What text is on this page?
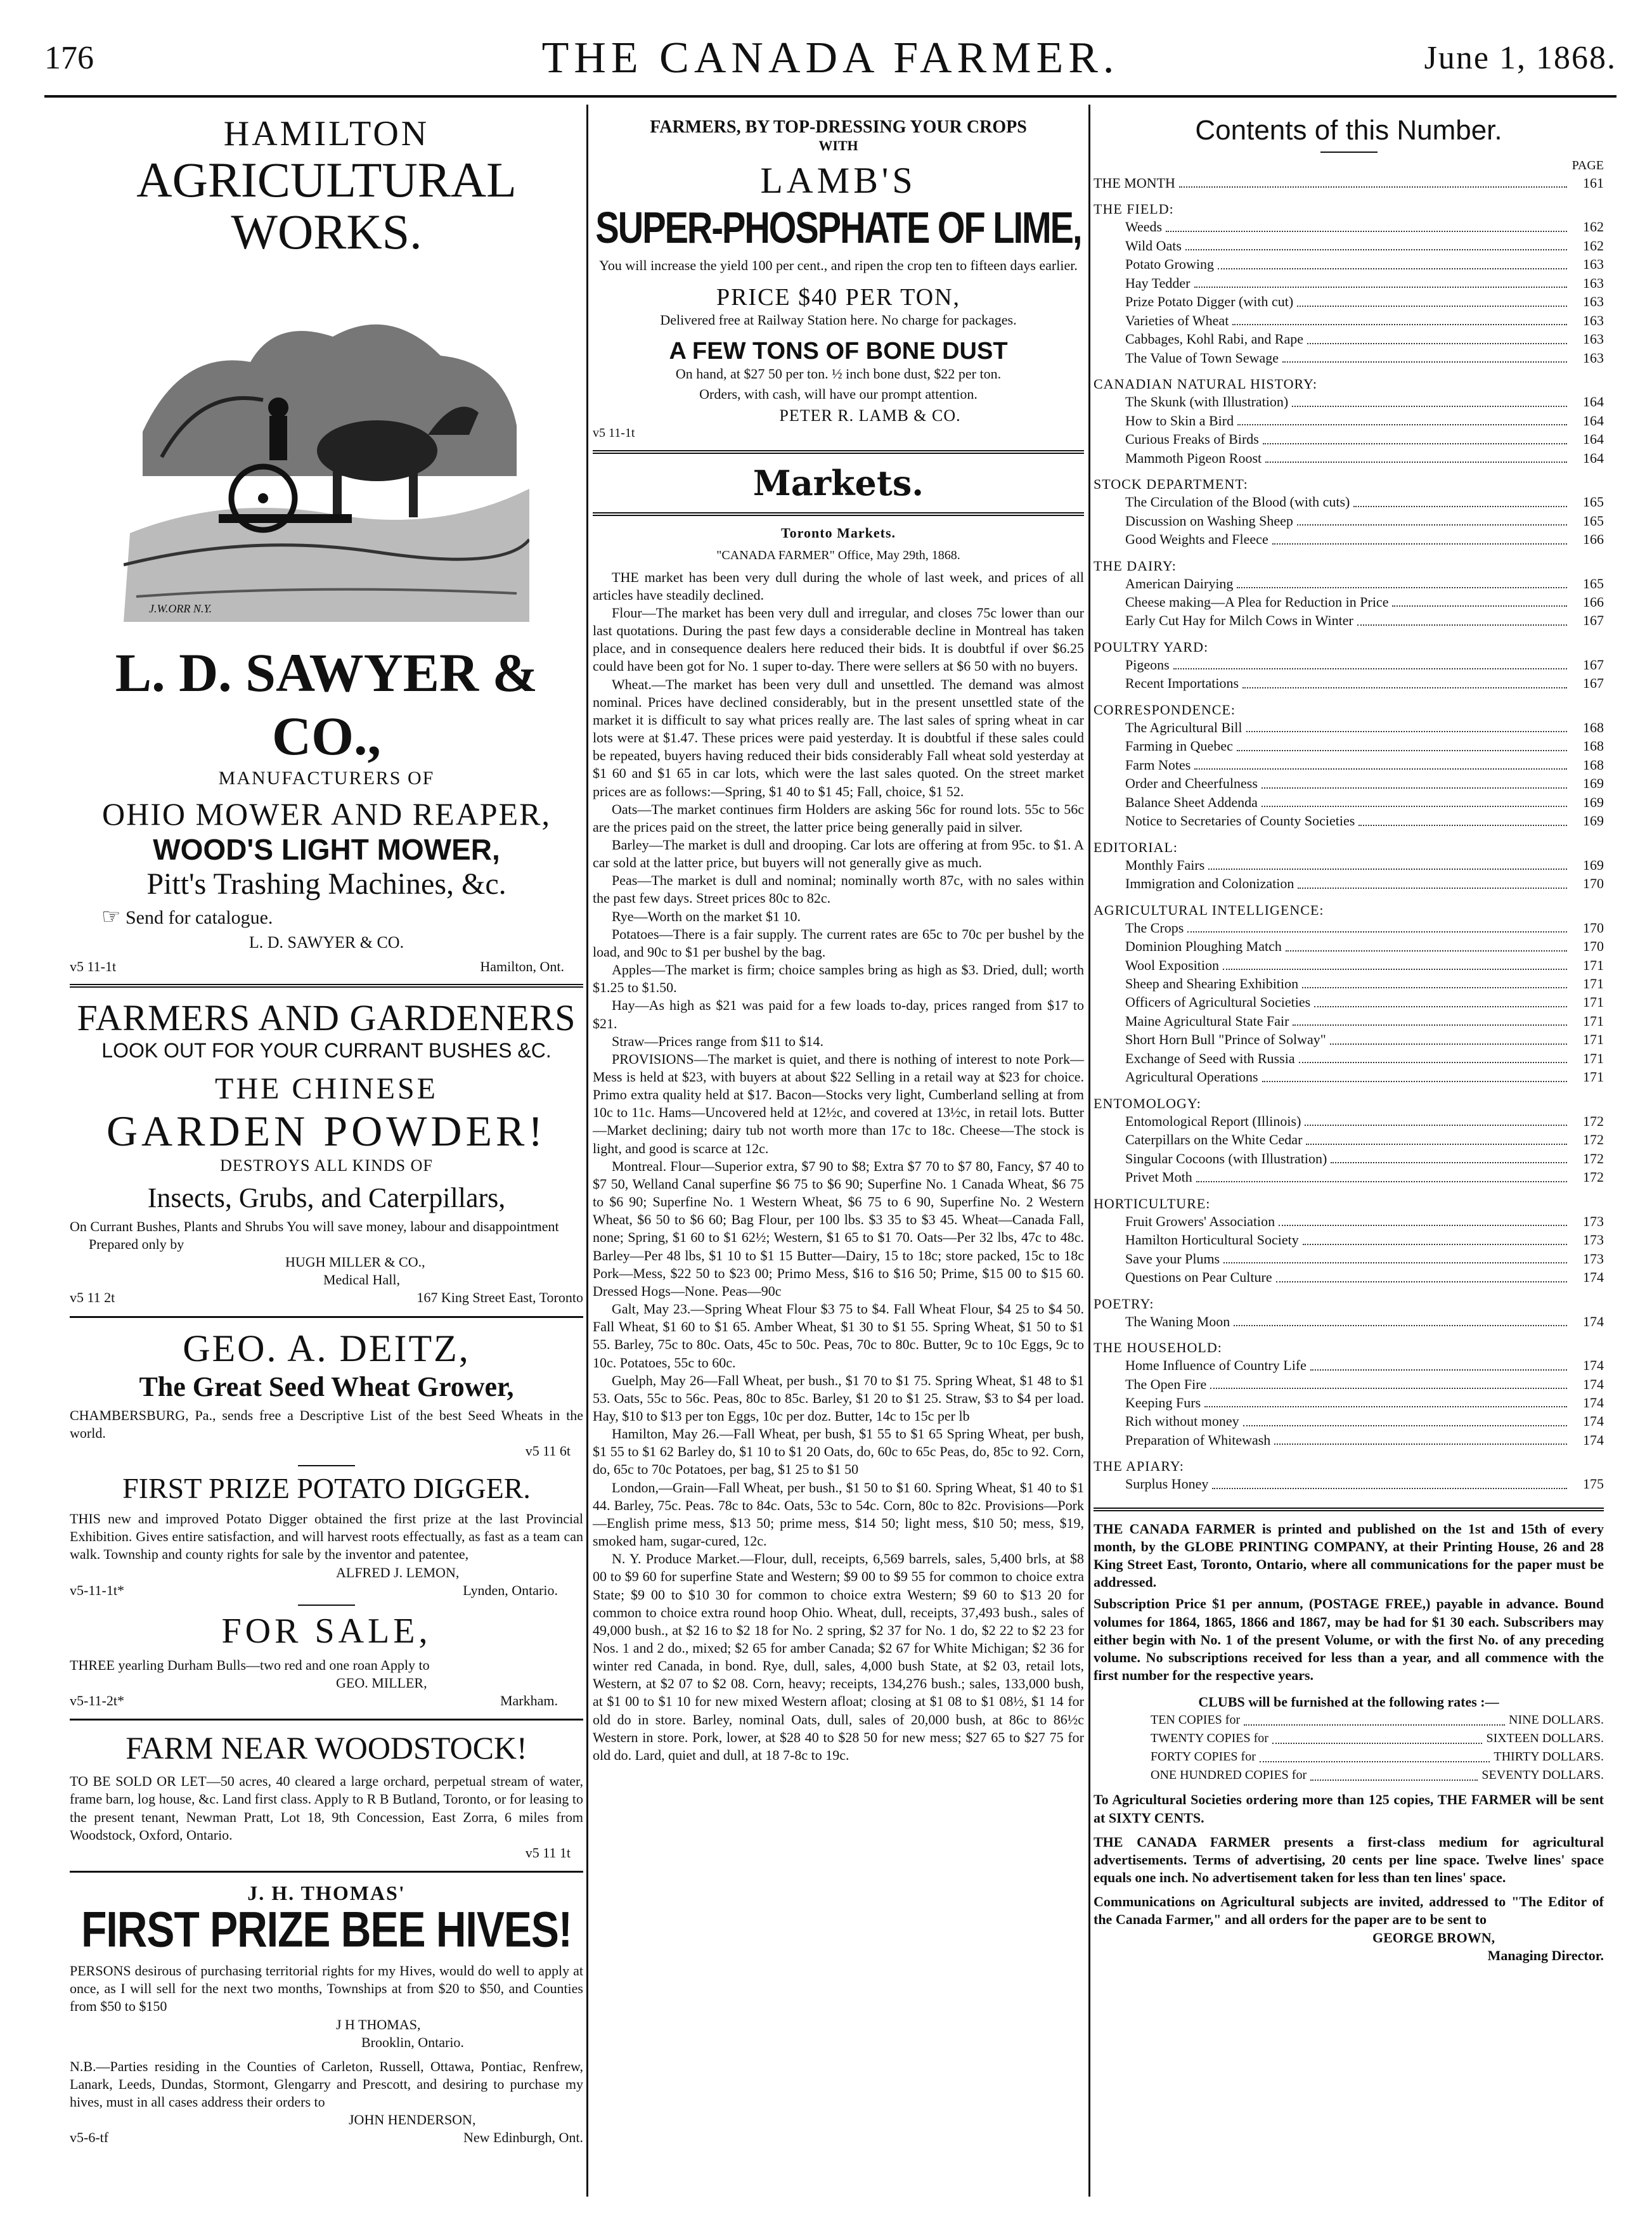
176	THE CANADA FARMER.	June 1, 1868.
HAMILTON
AGRICULTURAL WORKS.
J.W.ORR N.Y.
L. D. SAWYER & CO.,
MANUFACTURERS OF
OHIO MOWER AND REAPER,
WOOD'S LIGHT MOWER,
Pitt's Trashing Machines, &c.
☞ Send for catalogue.
L. D. SAWYER & CO.
v5 11-1t	Hamilton, Ont.
FARMERS AND GARDENERS
LOOK OUT FOR YOUR CURRANT BUSHES &C.
THE CHINESE
GARDEN POWDER!
DESTROYS ALL KINDS OF
Insects, Grubs, and Caterpillars,
On Currant Bushes, Plants and Shrubs You will save money, labour and disappointment
Prepared only by
HUGH MILLER & CO.,
Medical Hall,
v5 11 2t	167 King Street East, Toronto
GEO. A. DEITZ,
The Great Seed Wheat Grower,
CHAMBERSBURG, Pa., sends free a Descriptive List of the best Seed Wheats in the world.
v5 11 6t
FIRST PRIZE POTATO DIGGER.
THIS new and improved Potato Digger obtained the first prize at the last Provincial Exhibition. Gives entire satisfaction, and will harvest roots effectually, as fast as a team can walk. Township and county rights for sale by the inventor and patentee,
ALFRED J. LEMON,
v5-11-1t*	Lynden, Ontario.
FOR SALE,
THREE yearling Durham Bulls—two red and one roan Apply to
GEO. MILLER,
v5-11-2t*	Markham.
FARM NEAR WOODSTOCK!
TO BE SOLD OR LET—50 acres, 40 cleared a large orchard, perpetual stream of water, frame barn, log house, &c. Land first class. Apply to R B Butland, Toronto, or for leasing to the present tenant, Newman Pratt, Lot 18, 9th Concession, East Zorra, 6 miles from Woodstock, Oxford, Ontario.
v5 11 1t
J. H. THOMAS'
FIRST PRIZE BEE HIVES!
PERSONS desirous of purchasing territorial rights for my Hives, would do well to apply at once, as I will sell for the next two months, Townships at from $20 to $50, and Counties from $50 to $150
J H THOMAS,
Brooklin, Ontario.
N.B.—Parties residing in the Counties of Carleton, Russell, Ottawa, Pontiac, Renfrew, Lanark, Leeds, Dundas, Stormont, Glengarry and Prescott, and desiring to purchase my hives, must in all cases address their orders to
JOHN HENDERSON,
v5-6-tf	New Edinburgh, Ont.
FARMERS, BY TOP-DRESSING YOUR CROPS
WITH
LAMB'S
SUPER-PHOSPHATE OF LIME,
You will increase the yield 100 per cent., and ripen the crop ten to fifteen days earlier.
PRICE $40 PER TON,
Delivered free at Railway Station here. No charge for packages.
A FEW TONS OF BONE DUST
On hand, at $27 50 per ton. ½ inch bone dust, $22 per ton.
Orders, with cash, will have our prompt attention.
PETER R. LAMB & CO.
v5 11-1t
Markets.
Toronto Markets.
"CANADA FARMER" Office, May 29th, 1868.
THE market has been very dull during the whole of last week, and prices of all articles have steadily declined.
Flour—The market has been very dull and irregular, and closes 75c lower than our last quotations. During the past few days a considerable decline in Montreal has taken place, and in consequence dealers here reduced their bids. It is doubtful if over $6.25 could have been got for No. 1 super to-day. There were sellers at $6 50 with no buyers.
Wheat.—The market has been very dull and unsettled. The demand was almost nominal. Prices have declined considerably, but in the present unsettled state of the market it is difficult to say what prices really are. The last sales of spring wheat in car lots were at $1.47. These prices were paid yesterday. It is doubtful if these sales could be repeated, buyers having reduced their bids considerably Fall wheat sold yesterday at $1 60 and $1 65 in car lots, which were the last sales quoted. On the street market prices are as follows:—Spring, $1 40 to $1 45; Fall, choice, $1 52.
Oats—The market continues firm Holders are asking 56c for round lots. 55c to 56c are the prices paid on the street, the latter price being generally paid in silver.
Barley—The market is dull and drooping. Car lots are offering at from 95c. to $1. A car sold at the latter price, but buyers will not generally give as much.
Peas—The market is dull and nominal; nominally worth 87c, with no sales within the past few days. Street prices 80c to 82c.
Rye—Worth on the market $1 10.
Potatoes—There is a fair supply. The current rates are 65c to 70c per bushel by the load, and 90c to $1 per bushel by the bag.
Apples—The market is firm; choice samples bring as high as $3. Dried, dull; worth $1.25 to $1.50.
Hay—As high as $21 was paid for a few loads to-day, prices ranged from $17 to $21.
Straw—Prices range from $11 to $14.
PROVISIONS—The market is quiet, and there is nothing of interest to note Pork—Mess is held at $23, with buyers at about $22 Selling in a retail way at $23 for choice. Primo extra quality held at $17. Bacon—Stocks very light, Cumberland selling at from 10c to 11c. Hams—Uncovered held at 12½c, and covered at 13½c, in retail lots. Butter—Market declining; dairy tub not worth more than 17c to 18c. Cheese—The stock is light, and good is scarce at 12c.
Montreal. Flour—Superior extra, $7 90 to $8; Extra $7 70 to $7 80, Fancy, $7 40 to $7 50, Welland Canal superfine $6 75 to $6 90; Superfine No. 1 Canada Wheat, $6 75 to $6 90; Superfine No. 1 Western Wheat, $6 75 to 6 90, Superfine No. 2 Western Wheat, $6 50 to $6 60; Bag Flour, per 100 lbs. $3 35 to $3 45. Wheat—Canada Fall, none; Spring, $1 60 to $1 62½; Western, $1 65 to $1 70. Oats—Per 32 lbs, 47c to 48c. Barley—Per 48 lbs, $1 10 to $1 15 Butter—Dairy, 15 to 18c; store packed, 15c to 18c Pork—Mess, $22 50 to $23 00; Primo Mess, $16 to $16 50; Prime, $15 00 to $15 60. Dressed Hogs—None. Peas—90c
Galt, May 23.—Spring Wheat Flour $3 75 to $4. Fall Wheat Flour, $4 25 to $4 50. Fall Wheat, $1 60 to $1 65. Amber Wheat, $1 30 to $1 55. Spring Wheat, $1 50 to $1 55. Barley, 75c to 80c. Oats, 45c to 50c. Peas, 70c to 80c. Butter, 9c to 10c Eggs, 9c to 10c. Potatoes, 55c to 60c.
Guelph, May 26—Fall Wheat, per bush., $1 70 to $1 75. Spring Wheat, $1 48 to $1 53. Oats, 55c to 56c. Peas, 80c to 85c. Barley, $1 20 to $1 25. Straw, $3 to $4 per load. Hay, $10 to $13 per ton Eggs, 10c per doz. Butter, 14c to 15c per lb
Hamilton, May 26.—Fall Wheat, per bush, $1 55 to $1 65 Spring Wheat, per bush, $1 55 to $1 62 Barley do, $1 10 to $1 20 Oats, do, 60c to 65c Peas, do, 85c to 92. Corn, do, 65c to 70c Potatoes, per bag, $1 25 to $1 50
London,—Grain—Fall Wheat, per bush., $1 50 to $1 60. Spring Wheat, $1 40 to $1 44. Barley, 75c. Peas. 78c to 84c. Oats, 53c to 54c. Corn, 80c to 82c. Provisions—Pork—English prime mess, $13 50; prime mess, $14 50; light mess, $10 50; mess, $19, smoked ham, sugar-cured, 12c.
N. Y. Produce Market.—Flour, dull, receipts, 6,569 barrels, sales, 5,400 brls, at $8 00 to $9 60 for superfine State and Western; $9 00 to $9 55 for common to choice extra State; $9 00 to $10 30 for common to choice extra Western; $9 60 to $13 20 for common to choice extra round hoop Ohio. Wheat, dull, receipts, 37,493 bush., sales of 49,000 bush., at $2 16 to $2 18 for No. 2 spring, $2 37 for No. 1 do, $2 22 to $2 23 for Nos. 1 and 2 do., mixed; $2 65 for amber Canada; $2 67 for White Michigan; $2 36 for winter red Canada, in bond. Rye, dull, sales, 4,000 bush State, at $2 03, retail lots, Western, at $2 07 to $2 08. Corn, heavy; receipts, 134,276 bush.; sales, 133,000 bush, at $1 00 to $1 10 for new mixed Western afloat; closing at $1 08 to $1 08½, $1 14 for old do in store. Barley, nominal Oats, dull, sales of 20,000 bush, at 86c to 86½c Western in store. Pork, lower, at $28 40 to $28 50 for new mess; $27 65 to $27 75 for old do. Lard, quiet and dull, at 18 7-8c to 19c.
Contents of this Number.
PAGE
THE MONTH	161
THE FIELD:
Weeds	162
Wild Oats	162
Potato Growing	163
Hay Tedder	163
Prize Potato Digger (with cut)	163
Varieties of Wheat	163
Cabbages, Kohl Rabi, and Rape	163
The Value of Town Sewage	163
CANADIAN NATURAL HISTORY:
The Skunk (with Illustration)	164
How to Skin a Bird	164
Curious Freaks of Birds	164
Mammoth Pigeon Roost	164
STOCK DEPARTMENT:
The Circulation of the Blood (with cuts)	165
Discussion on Washing Sheep	165
Good Weights and Fleece	166
THE DAIRY:
American Dairying	165
Cheese making—A Plea for Reduction in Price	166
Early Cut Hay for Milch Cows in Winter	167
POULTRY YARD:
Pigeons	167
Recent Importations	167
CORRESPONDENCE:
The Agricultural Bill	168
Farming in Quebec	168
Farm Notes	168
Order and Cheerfulness	169
Balance Sheet Addenda	169
Notice to Secretaries of County Societies	169
EDITORIAL:
Monthly Fairs	169
Immigration and Colonization	170
AGRICULTURAL INTELLIGENCE:
The Crops	170
Dominion Ploughing Match	170
Wool Exposition	171
Sheep and Shearing Exhibition	171
Officers of Agricultural Societies	171
Maine Agricultural State Fair	171
Short Horn Bull "Prince of Solway"	171
Exchange of Seed with Russia	171
Agricultural Operations	171
ENTOMOLOGY:
Entomological Report (Illinois)	172
Caterpillars on the White Cedar	172
Singular Cocoons (with Illustration)	172
Privet Moth	172
HORTICULTURE:
Fruit Growers' Association	173
Hamilton Horticultural Society	173
Save your Plums	173
Questions on Pear Culture	174
POETRY:
The Waning Moon	174
THE HOUSEHOLD:
Home Influence of Country Life	174
The Open Fire	174
Keeping Furs	174
Rich without money	174
Preparation of Whitewash	174
THE APIARY:
Surplus Honey	175
THE CANADA FARMER is printed and published on the 1st and 15th of every month, by the GLOBE PRINTING COMPANY, at their Printing House, 26 and 28 King Street East, Toronto, Ontario, where all communications for the paper must be addressed.
Subscription Price $1 per annum, (POSTAGE FREE,) payable in advance. Bound volumes for 1864, 1865, 1866 and 1867, may be had for $1 30 each. Subscribers may either begin with No. 1 of the present Volume, or with the first No. of any preceding volume. No subscriptions received for less than a year, and all commence with the first number for the respective years.
CLUBS will be furnished at the following rates :—
TEN COPIES for	NINE DOLLARS.
TWENTY COPIES for	SIXTEEN DOLLARS.
FORTY COPIES for	THIRTY DOLLARS.
ONE HUNDRED COPIES for	SEVENTY DOLLARS.
To Agricultural Societies ordering more than 125 copies, THE FARMER will be sent at SIXTY CENTS.
THE CANADA FARMER presents a first-class medium for agricultural advertisements. Terms of advertising, 20 cents per line space. Twelve lines' space equals one inch. No advertisement taken for less than ten lines' space.
Communications on Agricultural subjects are invited, addressed to "The Editor of the Canada Farmer," and all orders for the paper are to be sent to
GEORGE BROWN,
Managing Director.
